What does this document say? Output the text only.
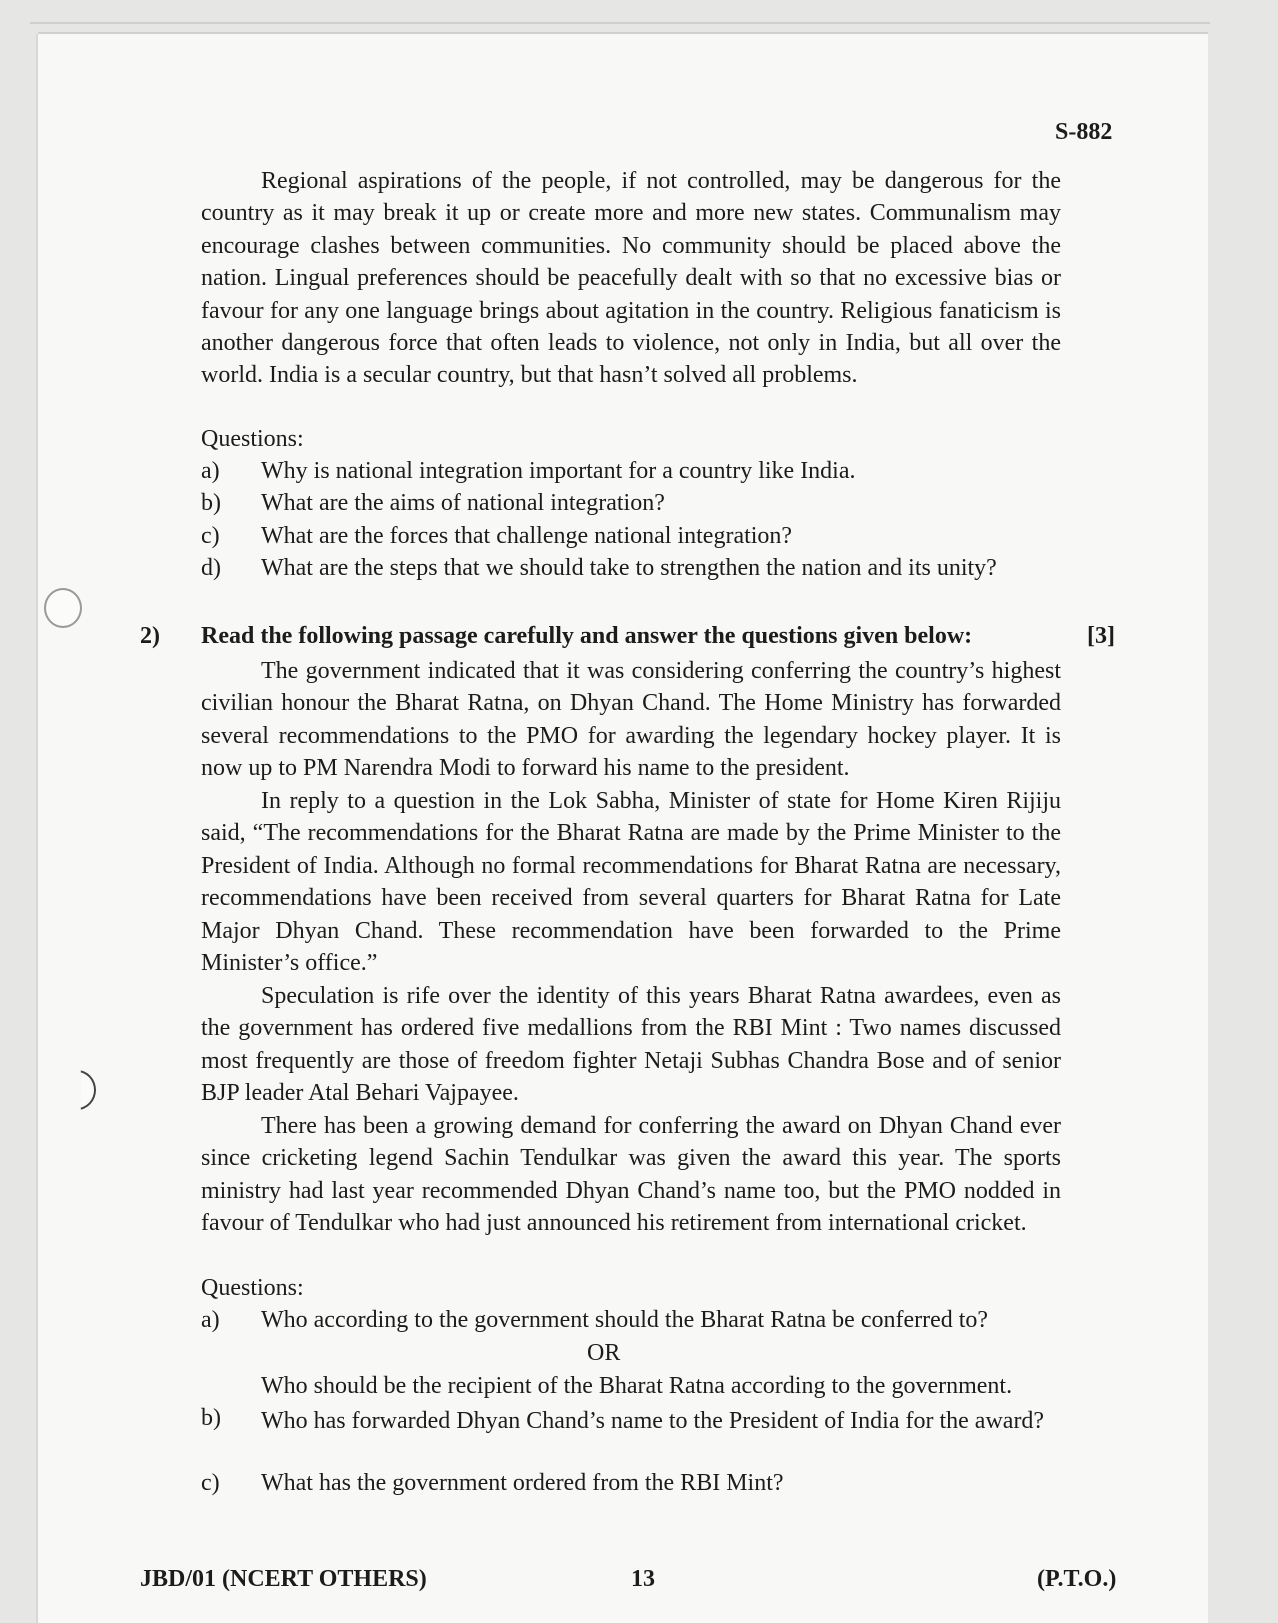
S-882

Regional aspirations of the people, if not controlled, may be dangerous for the country as it may break it up or create more and more new states. Communalism may encourage clashes between communities. No community should be placed above the nation. Lingual preferences should be peacefully dealt with so that no excessive bias or favour for any one language brings about agitation in the country. Religious fanaticism is another dangerous force that often leads to violence, not only in India, but all over the world. India is a secular country, but that hasn’t solved all problems.

Questions:
a) Why is national integration important for a country like India.
b) What are the aims of national integration?
c) What are the forces that challenge national integration?
d) What are the steps that we should take to strengthen the nation and its unity?
2) Read the following passage carefully and answer the questions given below:	[3]

The government indicated that it was considering conferring the country’s highest civilian honour the Bharat Ratna, on Dhyan Chand. The Home Ministry has forwarded several recommendations to the PMO for awarding the legendary hockey player. It is now up to PM Narendra Modi to forward his name to the president.

In reply to a question in the Lok Sabha, Minister of state for Home Kiren Rijiju said, “The recommendations for the Bharat Ratna are made by the Prime Minister to the President of India. Although no formal recommendations for Bharat Ratna are necessary, recommendations have been received from several quarters for Bharat Ratna for Late Major Dhyan Chand. These recommendation have been forwarded to the Prime Minister’s office.”

Speculation is rife over the identity of this years Bharat Ratna awardees, even as the government has ordered five medallions from the RBI Mint : Two names discussed most frequently are those of freedom fighter Netaji Subhas Chandra Bose and of senior BJP leader Atal Behari Vajpayee.

There has been a growing demand for conferring the award on Dhyan Chand ever since cricketing legend Sachin Tendulkar was given the award this year. The sports ministry had last year recommended Dhyan Chand’s name too, but the PMO nodded in favour of Tendulkar who had just announced his retirement from international cricket.

Questions:
a) Who according to the government should the Bharat Ratna be conferred to?
OR
Who should be the recipient of the Bharat Ratna according to the government.
b) Who has forwarded Dhyan Chand’s name to the President of India for the award?
c) What has the government ordered from the RBI Mint?
JBD/01 (NCERT OTHERS)	13	(P.T.O.)
